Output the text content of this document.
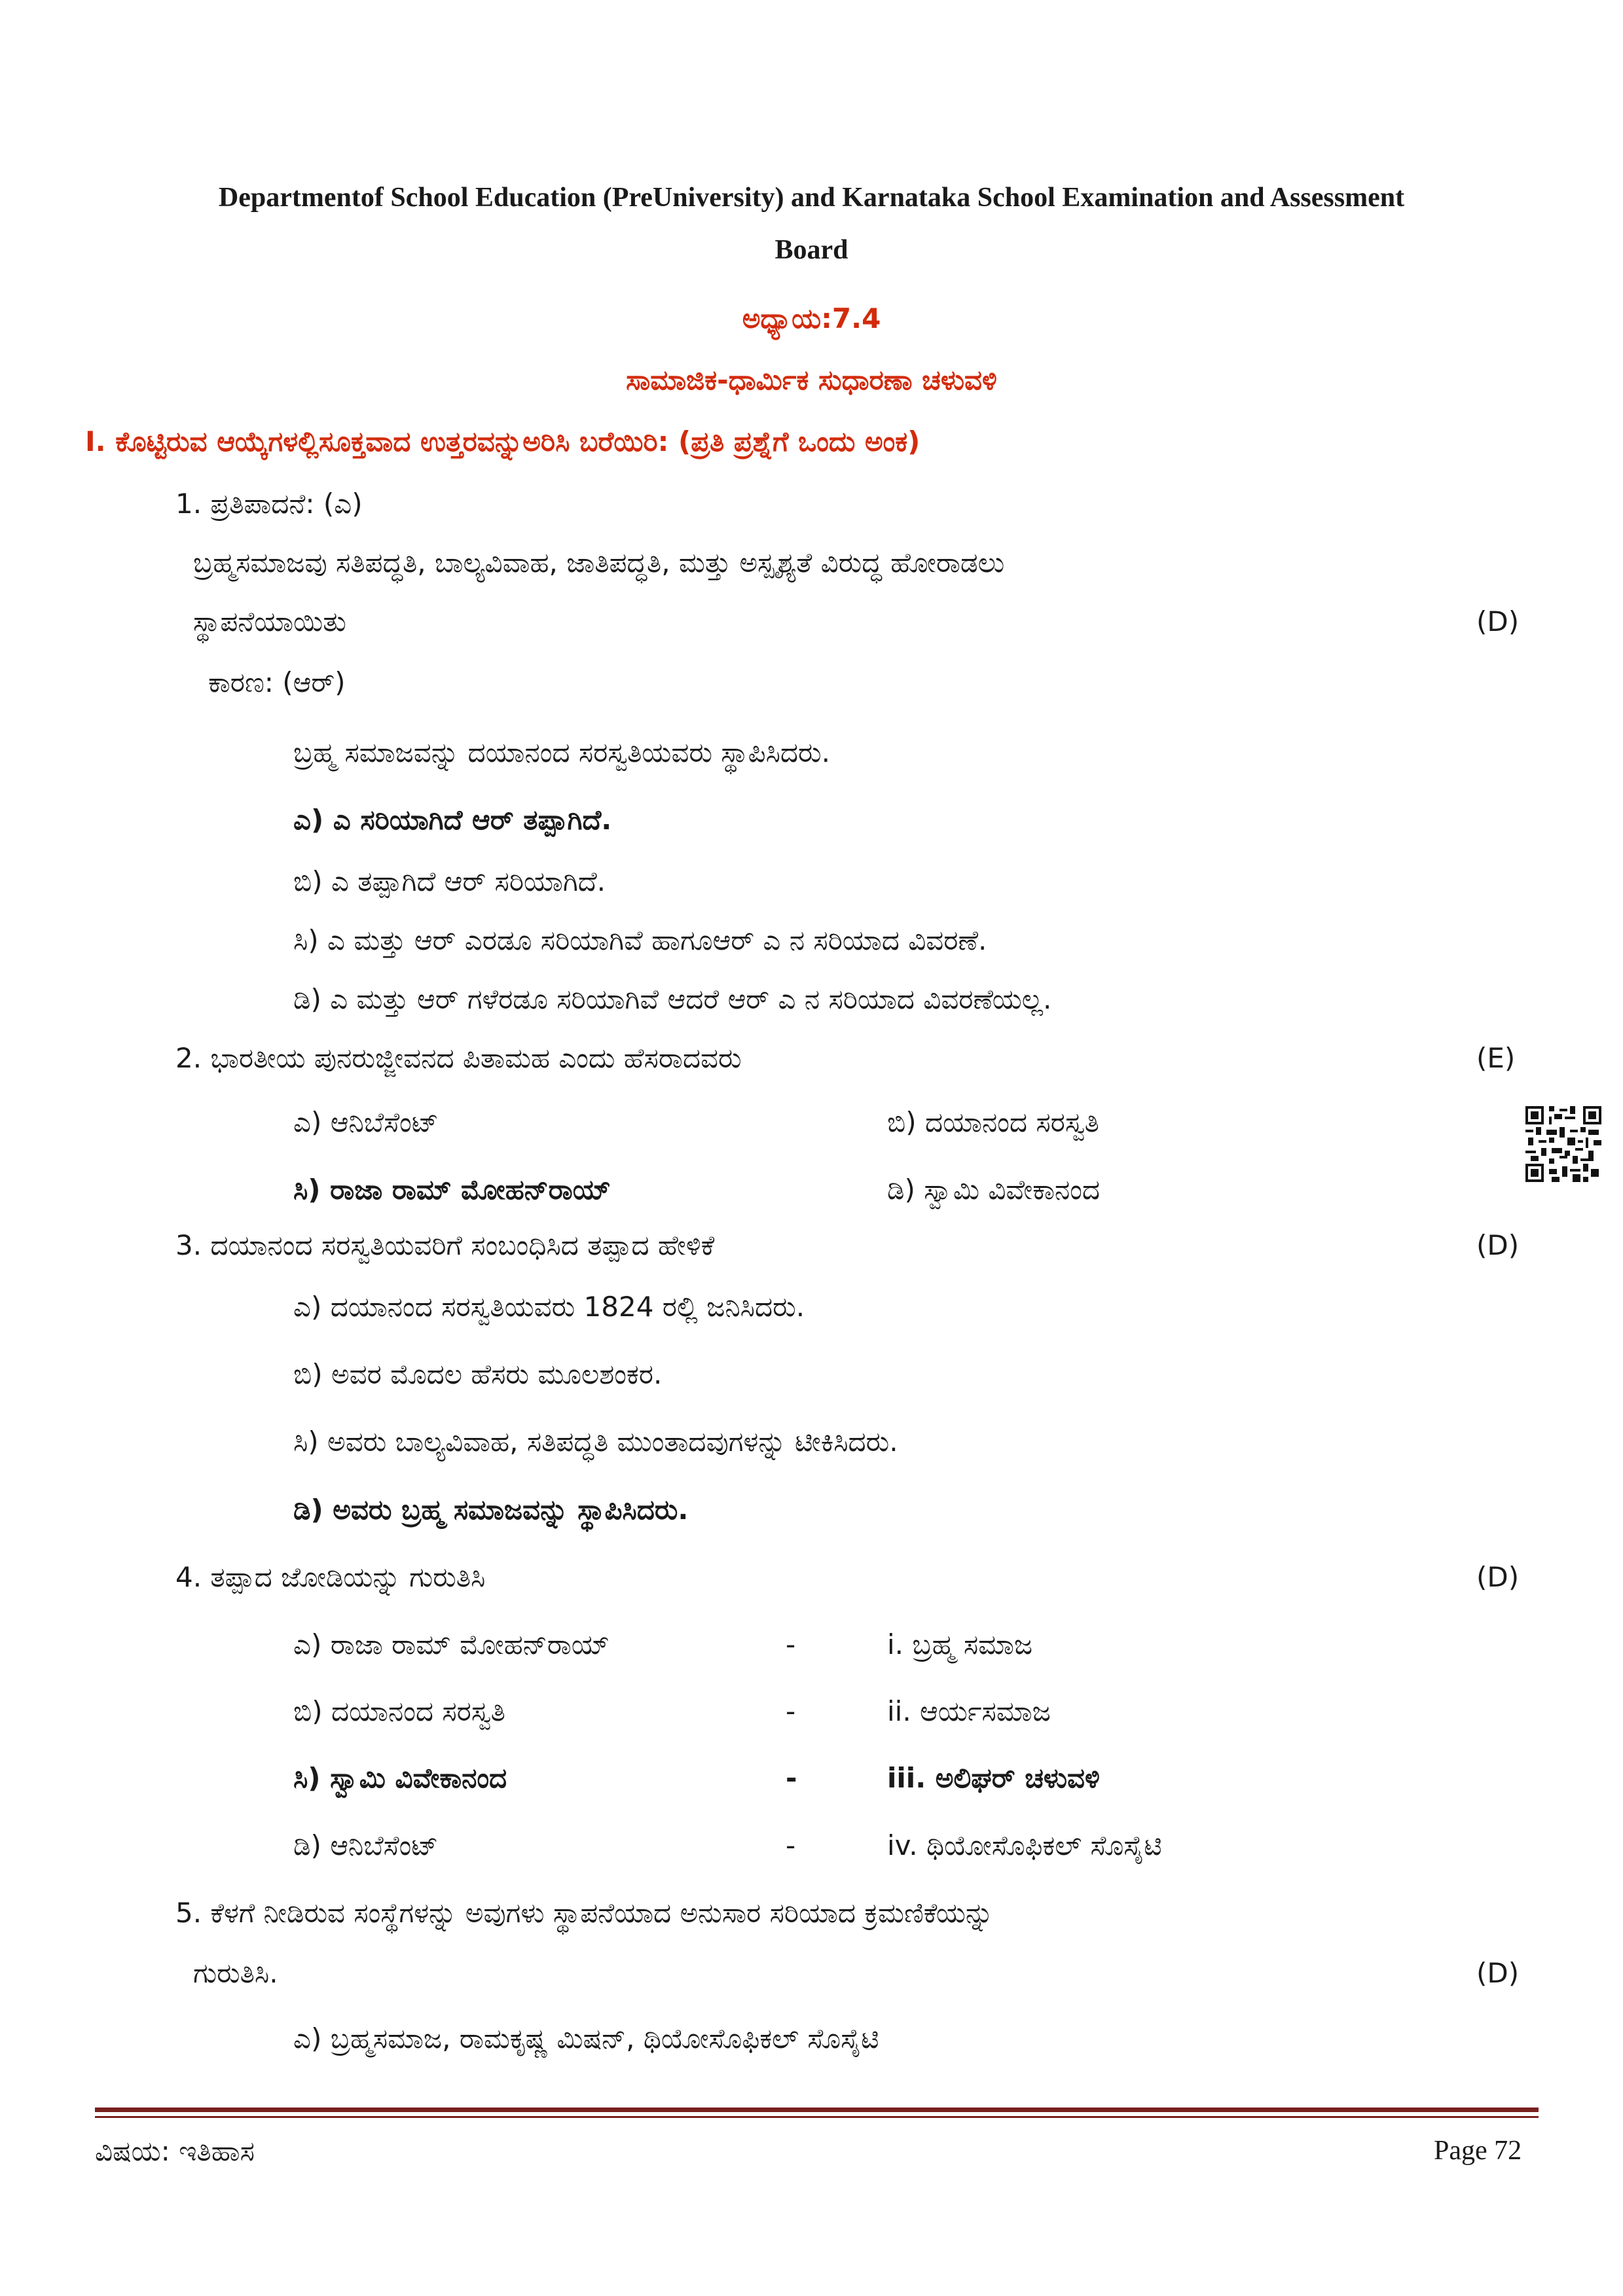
Departmentof School Education (PreUniversity) and Karnataka School Examination and Assessment
Board
ಅಧ್ಯಾಯ:7.4
ಸಾಮಾಜಿಕ-ಧಾರ್ಮಿಕ ಸುಧಾರಣಾ ಚಳುವಳಿ
I. ಕೊಟ್ಟಿರುವ ಆಯ್ಕೆಗಳಲ್ಲಿಸೂಕ್ತವಾದ ಉತ್ತರವನ್ನುಅರಿಸಿ ಬರೆಯಿರಿ: (ಪ್ರತಿ ಪ್ರಶ್ನೆಗೆ ಒಂದು ಅಂಕ)
1. ಪ್ರತಿಪಾದನೆ: (ಎ)
ಬ್ರಹ್ಮಸಮಾಜವು ಸತಿಪದ್ಧತಿ, ಬಾಲ್ಯವಿವಾಹ, ಜಾತಿಪದ್ಧತಿ, ಮತ್ತು ಅಸ್ಪೃಶ್ಯತೆ ವಿರುದ್ಧ ಹೋರಾಡಲು
ಸ್ಥಾಪನೆಯಾಯಿತು	(D)
ಕಾರಣ: (ಆರ್)
ಬ್ರಹ್ಮ ಸಮಾಜವನ್ನು ದಯಾನಂದ ಸರಸ್ವತಿಯವರು ಸ್ಥಾಪಿಸಿದರು.
ಎ) ಎ ಸರಿಯಾಗಿದೆ ಆರ್ ತಪ್ಪಾಗಿದೆ.
ಬಿ) ಎ ತಪ್ಪಾಗಿದೆ ಆರ್ ಸರಿಯಾಗಿದೆ.
ಸಿ) ಎ ಮತ್ತು ಆರ್ ಎರಡೂ ಸರಿಯಾಗಿವೆ ಹಾಗೂಆರ್ ಎ ನ ಸರಿಯಾದ ವಿವರಣೆ.
ಡಿ) ಎ ಮತ್ತು ಆರ್ ಗಳೆರಡೂ ಸರಿಯಾಗಿವೆ ಆದರೆ ಆರ್ ಎ ನ ಸರಿಯಾದ ವಿವರಣೆಯಲ್ಲ.
2. ಭಾರತೀಯ ಪುನರುಜ್ಜೀವನದ ಪಿತಾಮಹ ಎಂದು ಹೆಸರಾದವರು	(E)
ಎ) ಆನಿಬೆಸೆಂಟ್	ಬಿ) ದಯಾನಂದ ಸರಸ್ವತಿ
ಸಿ) ರಾಜಾ ರಾಮ್ ಮೋಹನ್‌ರಾಯ್	ಡಿ) ಸ್ವಾಮಿ ವಿವೇಕಾನಂದ
3. ದಯಾನಂದ ಸರಸ್ವತಿಯವರಿಗೆ ಸಂಬಂಧಿಸಿದ ತಪ್ಪಾದ ಹೇಳಿಕೆ	(D)
ಎ) ದಯಾನಂದ ಸರಸ್ವತಿಯವರು 1824 ರಲ್ಲಿ ಜನಿಸಿದರು.
ಬಿ) ಅವರ ಮೊದಲ ಹೆಸರು ಮೂಲಶಂಕರ.
ಸಿ) ಅವರು ಬಾಲ್ಯವಿವಾಹ, ಸತಿಪದ್ಧತಿ ಮುಂತಾದವುಗಳನ್ನು ಟೀಕಿಸಿದರು.
ಡಿ) ಅವರು ಬ್ರಹ್ಮ ಸಮಾಜವನ್ನು ಸ್ಥಾಪಿಸಿದರು.
4. ತಪ್ಪಾದ ಜೋಡಿಯನ್ನು ಗುರುತಿಸಿ	(D)
ಎ) ರಾಜಾ ರಾಮ್ ಮೋಹನ್‌ರಾಯ್	-	i. ಬ್ರಹ್ಮ ಸಮಾಜ
ಬಿ) ದಯಾನಂದ ಸರಸ್ವತಿ	-	ii. ಆರ್ಯಸಮಾಜ
ಸಿ) ಸ್ವಾಮಿ ವಿವೇಕಾನಂದ	-	iii. ಅಲಿಘರ್ ಚಳುವಳಿ
ಡಿ) ಆನಿಬೆಸೆಂಟ್	-	iv. ಥಿಯೋಸೊಫಿಕಲ್ ಸೊಸೈಟಿ
5. ಕೆಳಗೆ ನೀಡಿರುವ ಸಂಸ್ಥೆಗಳನ್ನು ಅವುಗಳು ಸ್ಥಾಪನೆಯಾದ ಅನುಸಾರ ಸರಿಯಾದ ಕ್ರಮಣಿಕೆಯನ್ನು
ಗುರುತಿಸಿ.	(D)
ಎ) ಬ್ರಹ್ಮಸಮಾಜ, ರಾಮಕೃಷ್ಣ ಮಿಷನ್, ಥಿಯೋಸೊಫಿಕಲ್ ಸೊಸೈಟಿ
ವಿಷಯ: ಇತಿಹಾಸ	Page 72
